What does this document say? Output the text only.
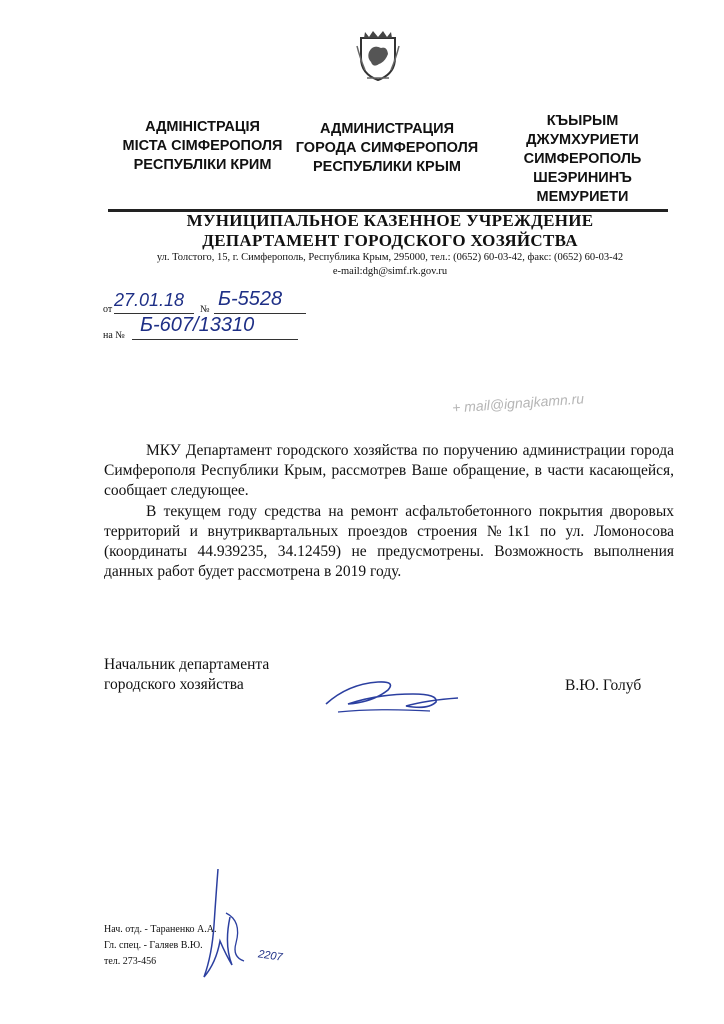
АДМІНІСТРАЦІЯ
МІСТА СІМФЕРОПОЛЯ
РЕСПУБЛІКИ КРИМ
АДМИНИСТРАЦИЯ
ГОРОДА СИМФЕРОПОЛЯ
РЕСПУБЛИКИ КРЫМ
КЪЫРЫМ
ДЖУМХУРИЕТИ
СИМФЕРОПОЛЬ
ШЕЭРИНИНЪ
МЕМУРИЕТИ
МУНИЦИПАЛЬНОЕ КАЗЕННОЕ УЧРЕЖДЕНИЕ
ДЕПАРТАМЕНТ ГОРОДСКОГО ХОЗЯЙСТВА
ул. Толстого, 15, г. Симферополь, Республика Крым, 295000, тел.: (0652) 60-03-42, факс: (0652) 60-03-42
e-mail:dgh@simf.rk.gov.ru
от 27.01.18 № Б-5528
на № Б-607/13310
+ mail@ignajkamn.ru

МКУ Департамент городского хозяйства по поручению администрации города Симферополя Республики Крым, рассмотрев Ваше обращение, в части касающейся, сообщает следующее.

В текущем году средства на ремонт асфальтобетонного покрытия дворовых территорий и внутриквартальных проездов строения №1к1 по ул. Ломоносова (координаты 44.939235, 34.12459) не предусмотрены. Возможность выполнения данных работ будет рассмотрена в 2019 году.

Начальник департамента
городского хозяйства	В.Ю. Голуб
Нач. отд. - Тараненко А.А.
Гл. спец. - Галяев В.Ю.
тел. 273-456	2207
